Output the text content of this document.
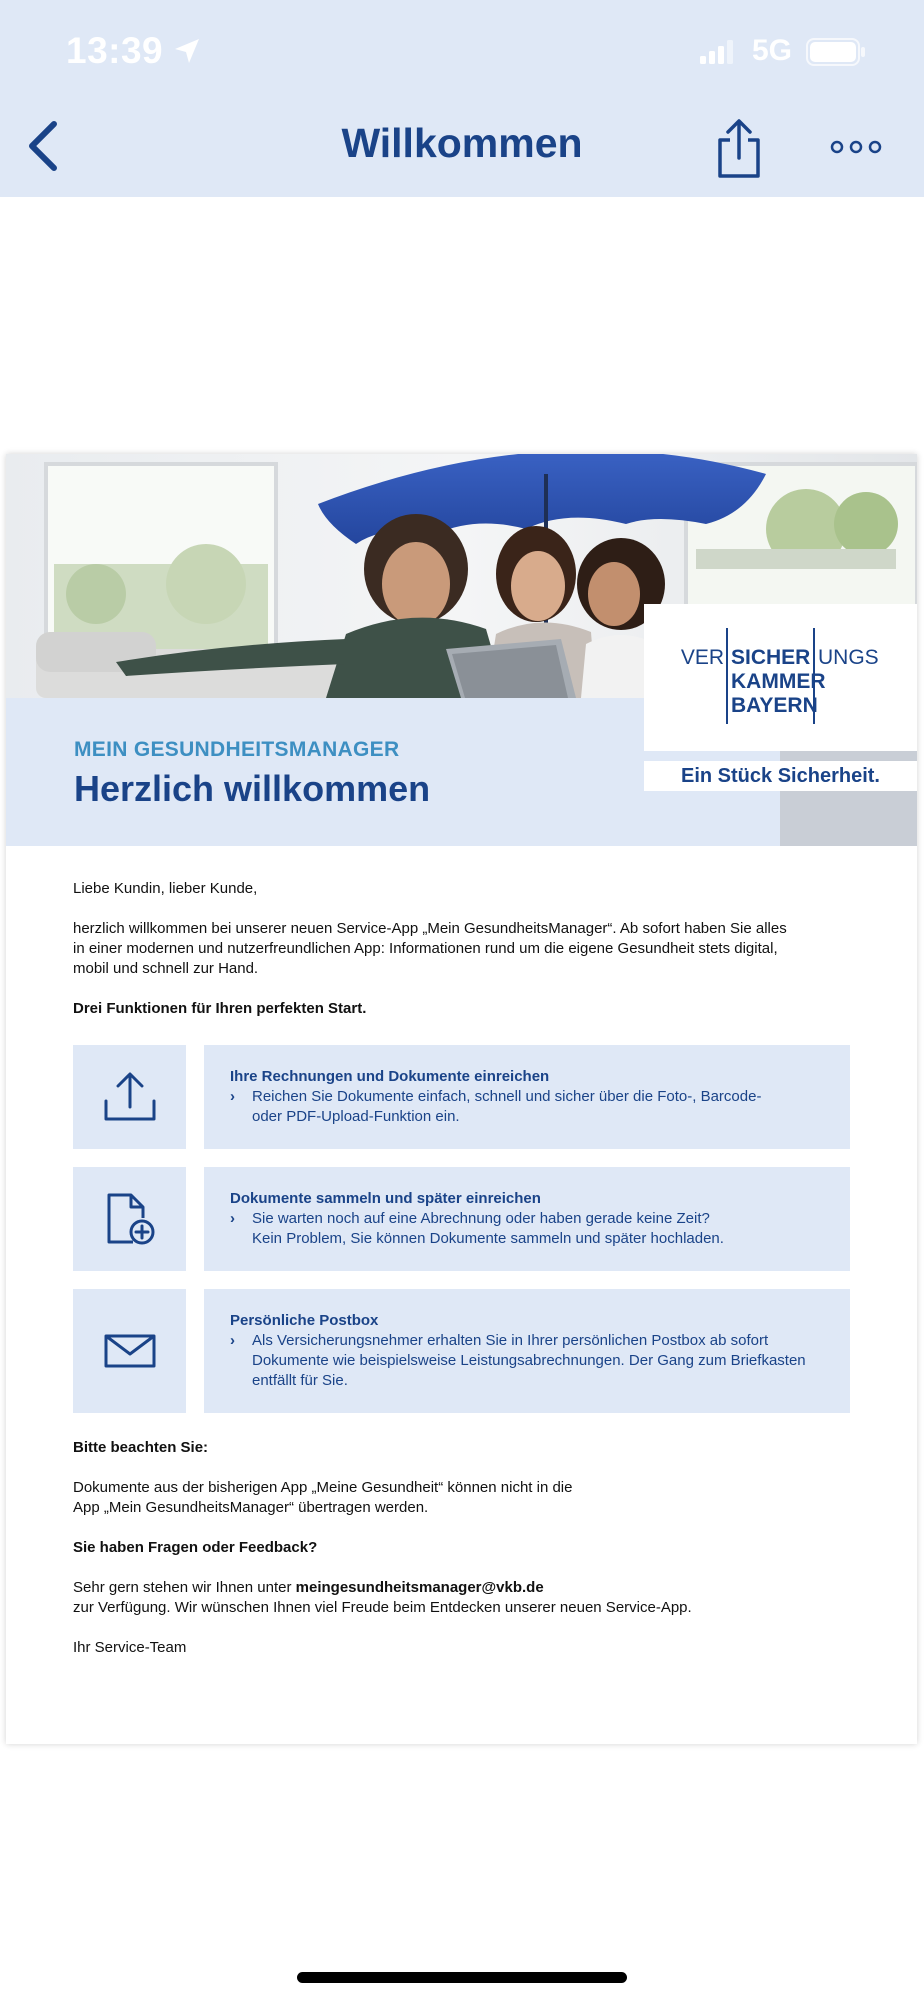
13:39	5G
Willkommen
MEIN GESUNDHEITSMANAGER
Herzlich willkommen
VER SICHER UNGS
KAMMER
BAYERN
Ein Stück Sicherheit.
Liebe Kundin, lieber Kunde,
herzlich willkommen bei unserer neuen Service-App „Mein GesundheitsManager“. Ab sofort haben Sie alles
in einer modernen und nutzerfreundlichen App: Informationen rund um die eigene Gesundheit stets digital,
mobil und schnell zur Hand.
Drei Funktionen für Ihren perfekten Start.
Ihre Rechnungen und Dokumente einreichen
›	Reichen Sie Dokumente einfach, schnell und sicher über die Foto-, Barcode-
oder PDF-Upload-Funktion ein.
Dokumente sammeln und später einreichen
›	Sie warten noch auf eine Abrechnung oder haben gerade keine Zeit?
Kein Problem, Sie können Dokumente sammeln und später hochladen.
Persönliche Postbox
›	Als Versicherungsnehmer erhalten Sie in Ihrer persönlichen Postbox ab sofort
Dokumente wie beispielsweise Leistungsabrechnungen. Der Gang zum Briefkasten
entfällt für Sie.
Bitte beachten Sie:
Dokumente aus der bisherigen App „Meine Gesundheit“ können nicht in die
App „Mein GesundheitsManager“ übertragen werden.
Sie haben Fragen oder Feedback?
Sehr gern stehen wir Ihnen unter meingesundheitsmanager@vkb.de
zur Verfügung. Wir wünschen Ihnen viel Freude beim Entdecken unserer neuen Service-App.
Ihr Service-Team
